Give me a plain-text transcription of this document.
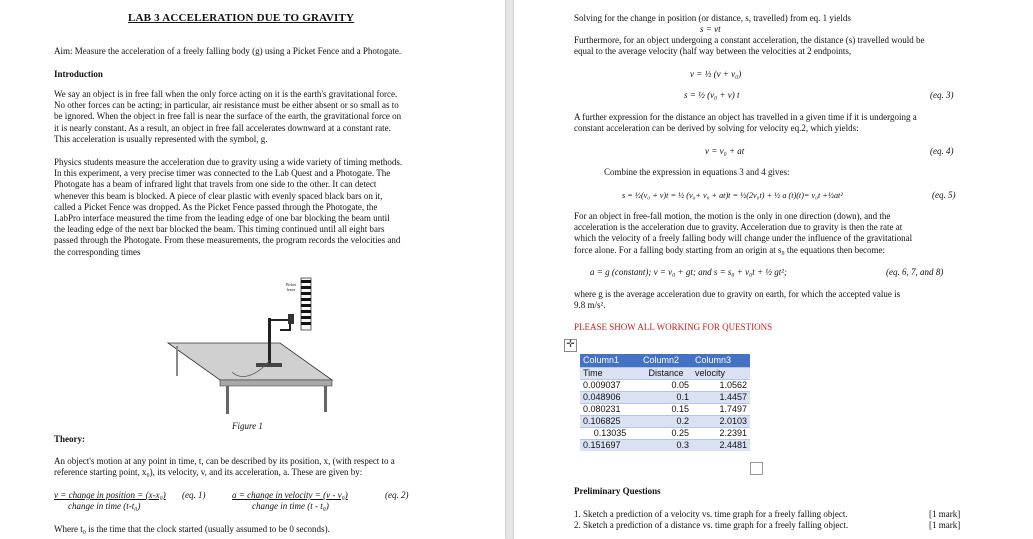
LAB 3 ACCELERATION DUE TO GRAVITY
Aim: Measure the acceleration of a freely falling body (g) using a Picket Fence and a Photogate.
Introduction
We say an object is in free fall when the only force acting on it is the earth's gravitational force.
No other forces can be acting; in particular, air resistance must be either absent or so small as to
be ignored. When the object in free fall is near the surface of the earth, the gravitational force on
it is nearly constant. As a result, an object in free fall accelerates downward at a constant rate.
This acceleration is usually represented with the symbol, g.
Physics students measure the acceleration due to gravity using a wide variety of timing methods.
In this experiment, a very precise timer was connected to the Lab Quest and a Photogate. The
Photogate has a beam of infrared light that travels from one side to the other. It can detect
whenever this beam is blocked. A piece of clear plastic with evenly spaced black bars on it,
called a Picket Fence was dropped. As the Picket Fence passed through the Photogate, the
LabPro interface measured the time from the leading edge of one bar blocking the beam until
the leading edge of the next bar blocked the beam. This timing continued until all eight bars
passed through the Photogate. From these measurements, the program records the velocities and
the corresponding times
Picket fence
Figure 1
Theory:
An object's motion at any point in time, t, can be described by its position, x, (with respect to a
reference starting point, x₀), its velocity, v, and its acceleration, a. These are given by:
v = change in position = (x-x₀)
change in time (t-t₀)
(eq. 1)	a = change in velocity = (v - v₀)
change in time (t - t₀)
(eq. 2)
Where t₀ is the time that the clock started (usually assumed to be 0 seconds).
Solving for the change in position (or distance, s, travelled) from eq. 1 yields
s = vt
Furthermore, for an object undergoing a constant acceleration, the distance (s) travelled would be
equal to the average velocity (half way between the velocities at 2 endpoints,
v = ½ (v + v₀)
s = ½ (v₀ + v) t	(eq. 3)
A further expression for the distance an object has travelled in a given time if it is undergoing a
constant acceleration can be derived by solving for velocity eq.2, which yields:
v = v₀ + at	(eq. 4)
Combine the expression in equations 3 and 4 gives:
s = ½(v₀ + v)t = ½ (v₀+ v₀ + at)t = ½(2v₀t) + ½ a (t)(t)= v₀t +½at²	(eq. 5)
For an object in free-fall motion, the motion is the only in one direction (down), and the
acceleration is the acceleration due to gravity. Acceleration due to gravity is then the rate at
which the velocity of a freely falling body will change under the influence of the gravitational
force alone. For a falling body starting from an origin at s₀ the equations then become:
a = g (constant); v = v₀ + gt; and s = s₀ + v₀t + ½ gt²;	(eq. 6, 7, and 8)
where g is the average acceleration due to gravity on earth, for which the accepted value is
9.8 m/s².
PLEASE SHOW ALL WORKING FOR QUESTIONS
✛
Column1	Column2	Column3
Time	Distance	velocity
0.009037	0.05	1.0562
0.048906	0.1	1.4457
0.080231	0.15	1.7497
0.106825	0.2	2.0103
0.13035	0.25	2.2391
0.151697	0.3	2.4481
Preliminary Questions
1. Sketch a prediction of a velocity vs. time graph for a freely falling object.	[1 mark]
2. Sketch a prediction of a distance vs. time graph for a freely falling object.	[1 mark]
